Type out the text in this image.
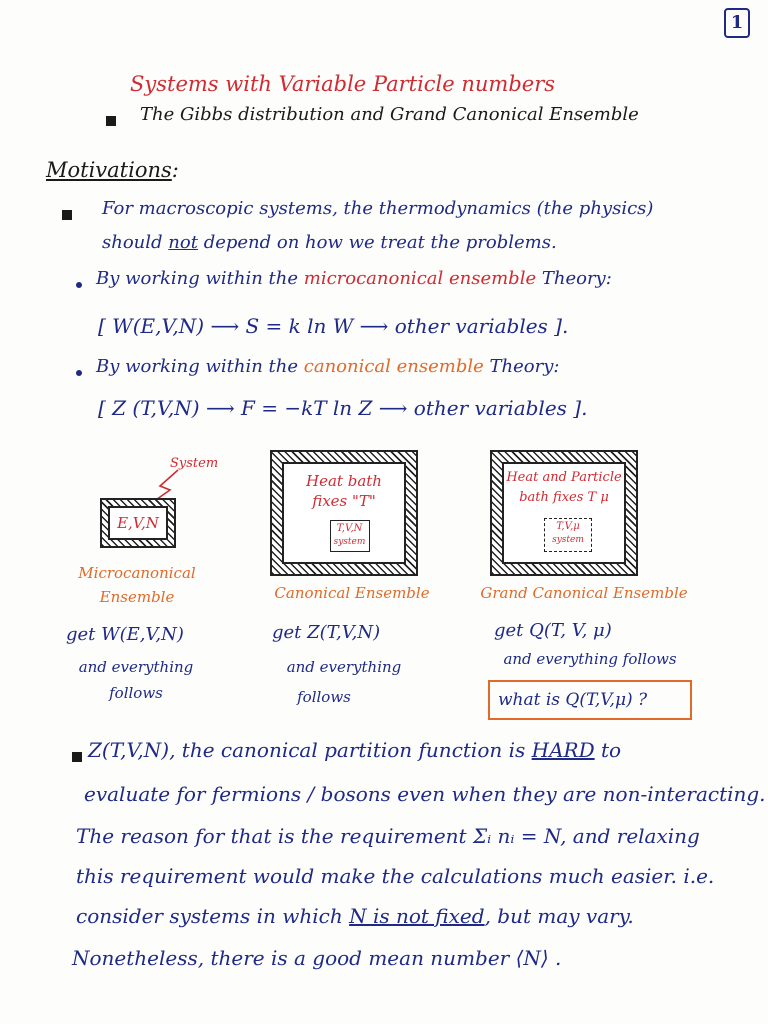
1
Systems with Variable Particle numbers
The Gibbs distribution and Grand Canonical Ensemble
Motivations:
For macroscopic systems, the thermodynamics (the physics)
should not depend on how we treat the problems.
By working within the microcanonical ensemble Theory:
[ W(E,V,N) ⟶ S = k ln W ⟶ other variables ].
By working within the canonical ensemble Theory:
[ Z (T,V,N) ⟶ F = −kT ln Z ⟶ other variables ].
System
E,V,N
Microcanonical
Ensemble
get W(E,V,N)
and everything
follows
Heat bath
fixes "T"
T,V,N
system
Canonical Ensemble
get Z(T,V,N)
and everything
follows
Heat and Particle
bath fixes T μ
T,V,μ
system
Grand Canonical Ensemble
get Q(T, V, μ)
and everything follows
what is Q(T,V,μ) ?
Z(T,V,N), the canonical partition function is HARD to
evaluate for fermions / bosons even when they are non-interacting.
The reason for that is the requirement Σᵢ nᵢ = N, and relaxing
this requirement would make the calculations much easier. i.e.
consider systems in which N is not fixed, but may vary.
Nonetheless, there is a good mean number ⟨N⟩ .
